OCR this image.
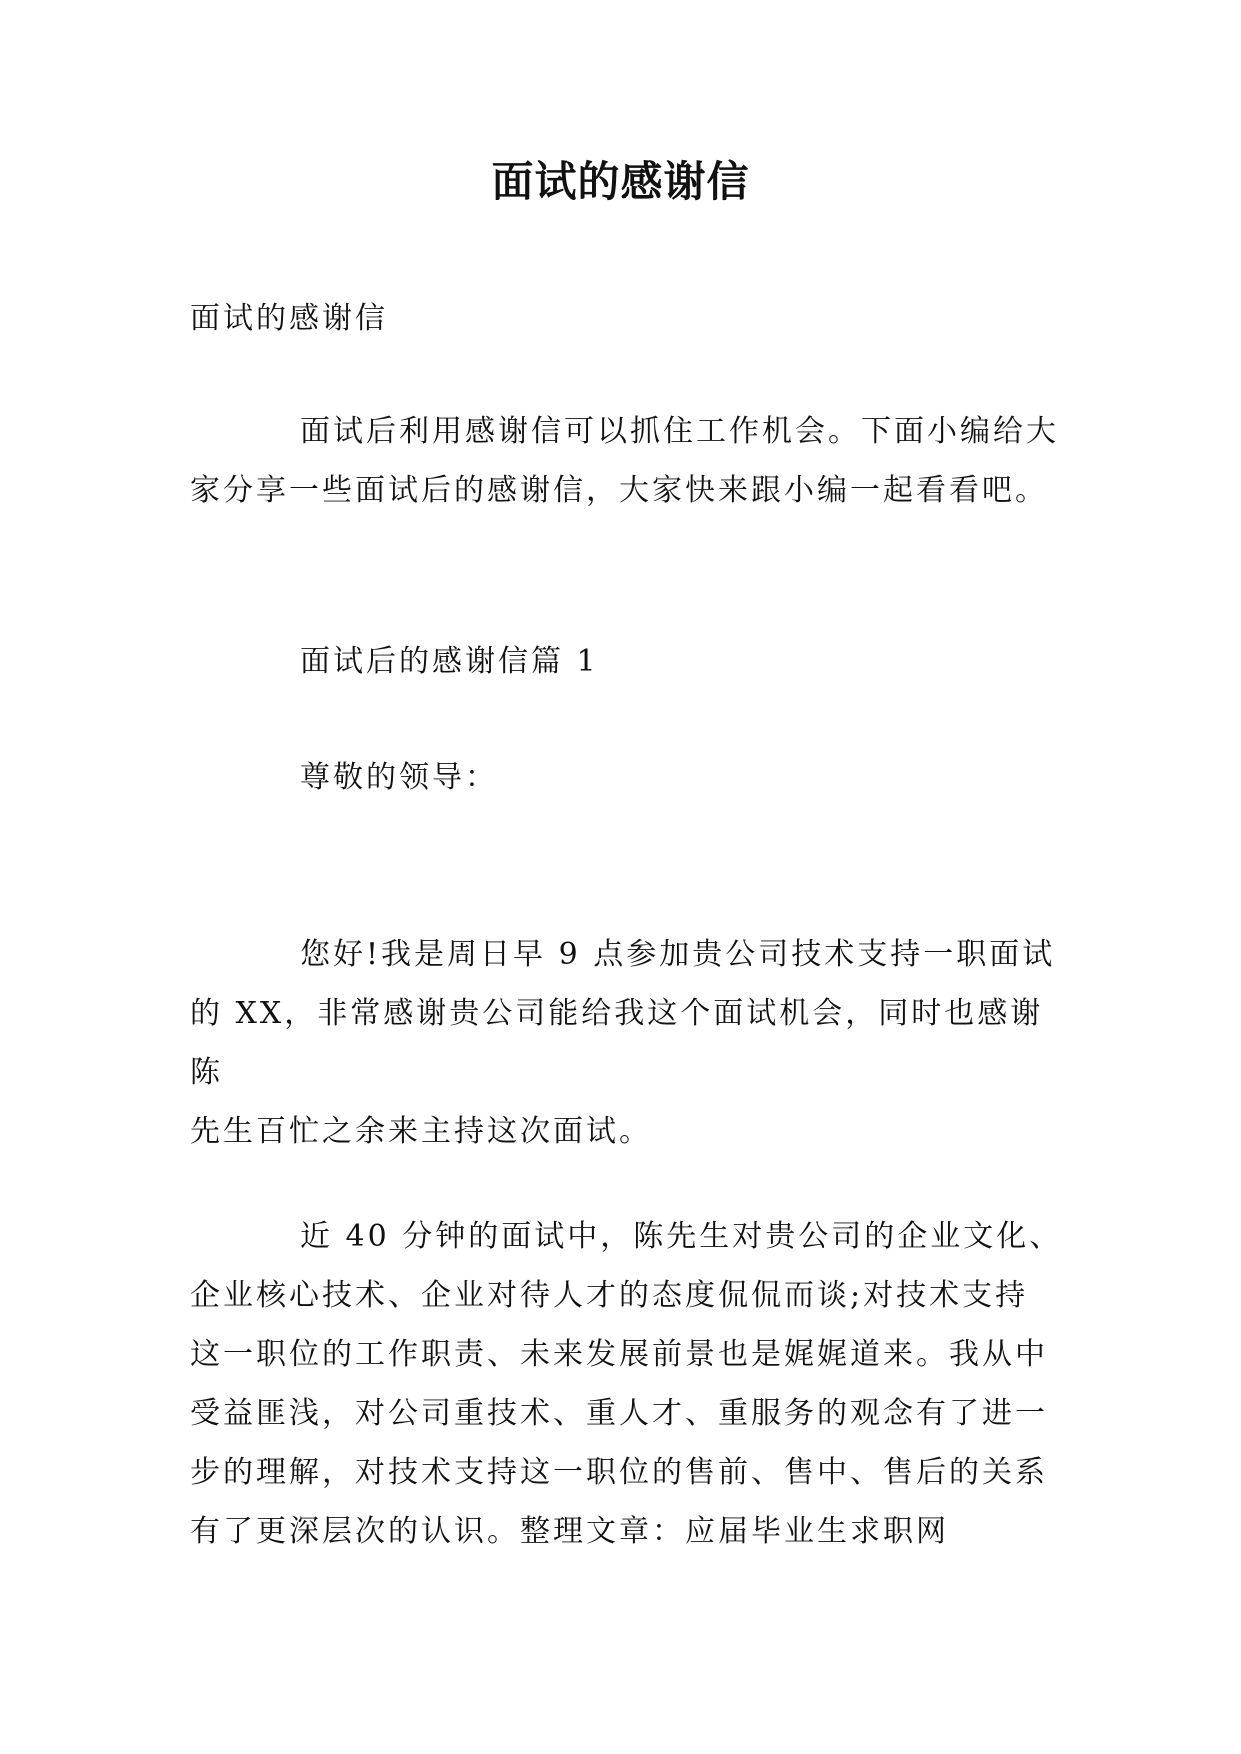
面试的感谢信

面试的感谢信

面试后利用感谢信可以抓住工作机会。下面小编给大
家分享一些面试后的感谢信，大家快来跟小编一起看看吧。

面试后的感谢信篇 1

尊敬的领导：

您好!我是周日早 9 点参加贵公司技术支持一职面试
的 XX，非常感谢贵公司能给我这个面试机会，同时也感谢陈
先生百忙之余来主持这次面试。

近 40 分钟的面试中，陈先生对贵公司的企业文化、
企业核心技术、企业对待人才的态度侃侃而谈;对技术支持
这一职位的工作职责、未来发展前景也是娓娓道来。我从中
受益匪浅，对公司重技术、重人才、重服务的观念有了进一
步的理解，对技术支持这一职位的售前、售中、售后的关系
有了更深层次的认识。整理文章：应届毕业生求职网
